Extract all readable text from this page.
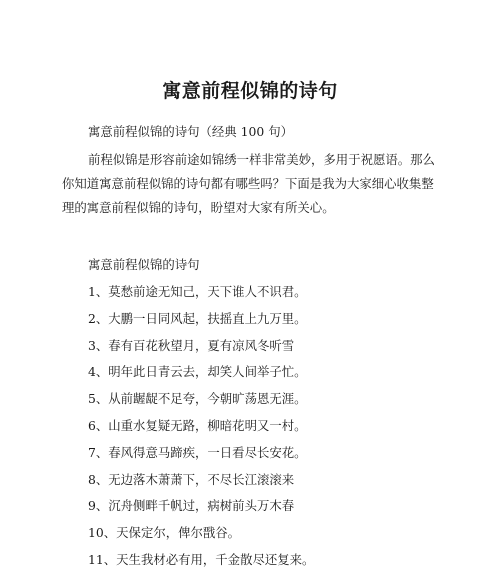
寓意前程似锦的诗句

寓意前程似锦的诗句（经典 100 句）

前程似锦是形容前途如锦绣一样非常美妙，多用于祝愿语。那么你知道寓意前程似锦的诗句都有哪些吗？下面是我为大家细心收集整理的寓意前程似锦的诗句，盼望对大家有所关心。

寓意前程似锦的诗句

1、莫愁前途无知己，天下谁人不识君。
2、大鹏一日同风起，扶摇直上九万里。
3、春有百花秋望月，夏有凉风冬听雪
4、明年此日青云去，却笑人间举子忙。
5、从前龌龊不足夸，今朝旷荡恩无涯。
6、山重水复疑无路，柳暗花明又一村。
7、春风得意马蹄疾，一日看尽长安花。
8、无边落木萧萧下，不尽长江滚滚来
9、沉舟侧畔千帆过，病树前头万木春
10、天保定尔，俾尔戬谷。
11、天生我材必有用，千金散尽还复来。
